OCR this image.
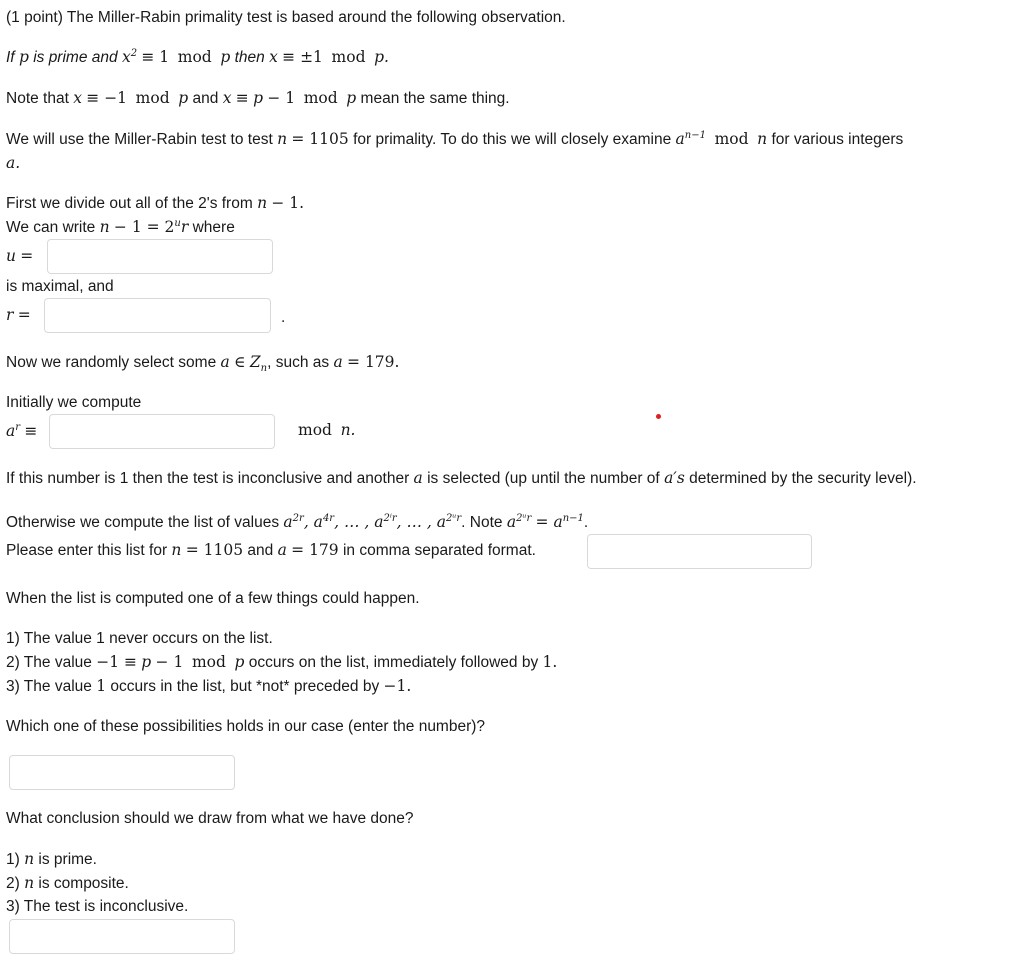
(1 point) The Miller-Rabin primality test is based around the following observation.
If p is prime and $x^2 \equiv 1$ mod p then x ≡ ±1 mod p.
Note that x ≡ −1 mod p and x ≡ p − 1 mod p mean the same thing.
We will use the Miller-Rabin test to test n = 1105 for primality. To do this we will closely examine $a^{n-1}$ mod n for various integers
a.
First we divide out all of the 2's from n − 1.
We can write $n - 1 = 2^ur$ where
u =
is maximal, and
r =	.
Now we randomly select some a ∈ $Z_n$, such as a = 179.
Initially we compute
$a^r$ ≡	mod n.
If this number is 1 then the test is inconclusive and another a is selected (up until the number of a′s determined by the security level).
Otherwise we compute the list of values $a^{2r}$, $a^{4r}$, … , $a^{2^ir}$, … , $a^{2ᵘr}$. Note $a^{2ᵘr} = a^{n-1}$.
Please enter this list for n = 1105 and a = 179 in comma separated format.
When the list is computed one of a few things could happen.
1) The value 1 never occurs on the list.
2) The value −1 ≡ p − 1 mod p occurs on the list, immediately followed by 1.
3) The value 1 occurs in the list, but *not* preceded by −1.
Which one of these possibilities holds in our case (enter the number)?
What conclusion should we draw from what we have done?
1) n is prime.
2) n is composite.
3) The test is inconclusive.
